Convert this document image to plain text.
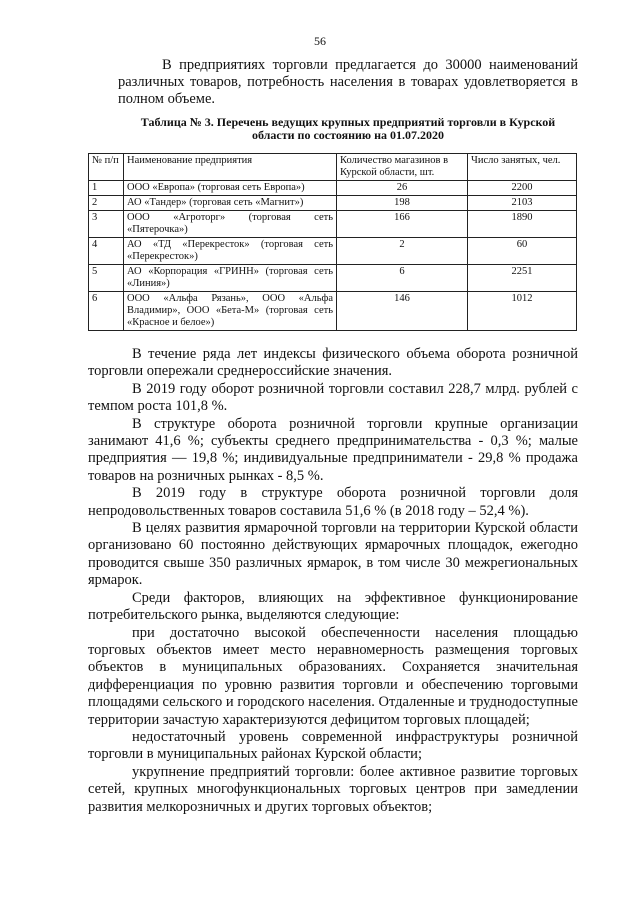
56

В предприятиях торговли предлагается до 30000 наименований различных товаров, потребность населения в товарах удовлетворяется в полном объеме.

Таблица № 3. Перечень ведущих крупных предприятий торговли в Курской области по состоянию на 01.07.2020
№ п/п	Наименование предприятия	Количество магазинов в Курской области, шт.	Число занятых, чел.
1	ООО «Европа» (торговая сеть Европа»)	26	2200
2	АО «Тандер» (торговая сеть «Магнит»)	198	2103
3	ООО «Агроторг» (торговая сеть «Пятерочка»)	166	1890
4	АО «ТД «Перекресток» (торговая сеть «Перекресток»)	2	60
5	АО «Корпорация «ГРИНН» (торговая сеть «Линия»)	6	2251
6	ООО «Альфа Рязань», ООО «Альфа Владимир», ООО «Бета-М» (торговая сеть «Красное и белое»)	146	1012

В течение ряда лет индексы физического объема оборота розничной торговли опережали среднероссийские значения.

В 2019 году оборот розничной торговли составил 228,7 млрд. рублей с темпом роста 101,8 %.

В структуре оборота розничной торговли крупные организации занимают 41,6 %; субъекты среднего предпринимательства - 0,3 %; малые предприятия — 19,8 %; индивидуальные предприниматели - 29,8 % продажа товаров на розничных рынках - 8,5 %.

В 2019 году в структуре оборота розничной торговли доля непродовольственных товаров составила 51,6 % (в 2018 году – 52,4 %).

В целях развития ярмарочной торговли на территории Курской области организовано 60 постоянно действующих ярмарочных площадок, ежегодно проводится свыше 350 различных ярмарок, в том числе 30 межрегиональных ярмарок.

Среди факторов, влияющих на эффективное функционирование потребительского рынка, выделяются следующие:

при достаточно высокой обеспеченности населения площадью торговых объектов имеет место неравномерность размещения торговых объектов в муниципальных образованиях. Сохраняется значительная дифференциация по уровню развития торговли и обеспечению торговыми площадями сельского и городского населения. Отдаленные и труднодоступные территории зачастую характеризуются дефицитом торговых площадей;

недостаточный уровень современной инфраструктуры розничной торговли в муниципальных районах Курской области;

укрупнение предприятий торговли: более активное развитие торговых сетей, крупных многофункциональных торговых центров при замедлении развития мелкорозничных и других торговых объектов;
